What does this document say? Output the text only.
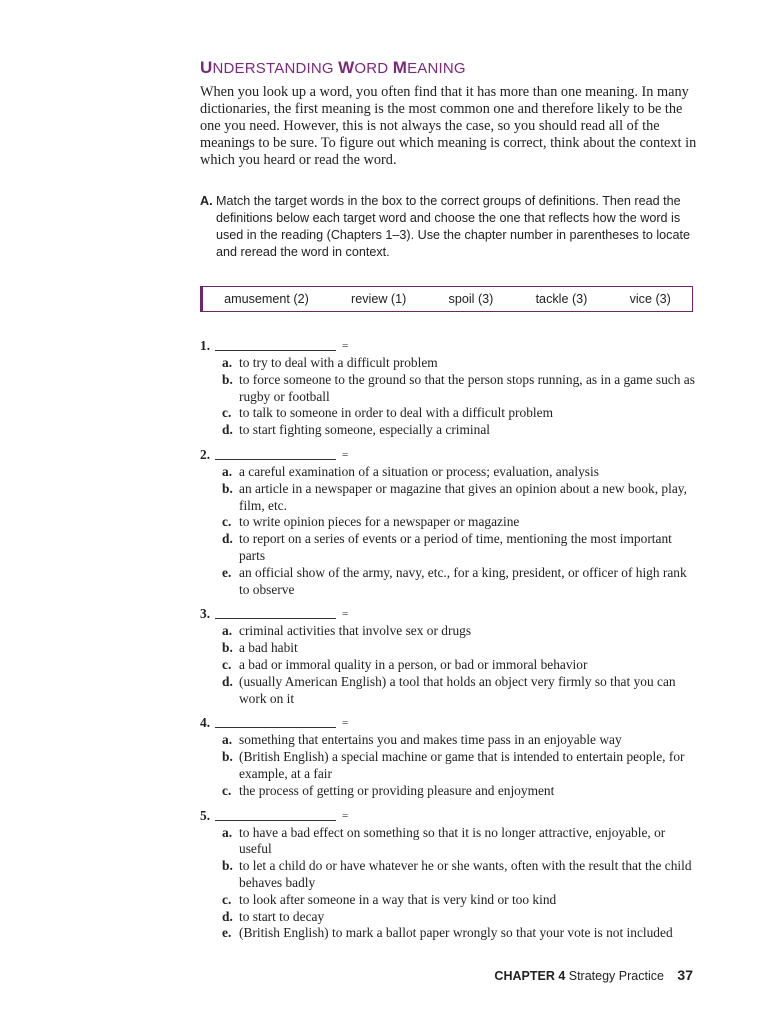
UNDERSTANDING WORD MEANING

When you look up a word, you often find that it has more than one meaning. In many dictionaries, the first meaning is the most common one and therefore likely to be the one you need. However, this is not always the case, so you should read all of the meanings to be sure. To figure out which meaning is correct, think about the context in which you heard or read the word.

A. Match the target words in the box to the correct groups of definitions. Then read the definitions below each target word and choose the one that reflects how the word is used in the reading (Chapters 1–3). Use the chapter number in parentheses to locate and reread the word in context.
amusement (2)	review (1)	spoil (3)	tackle (3)	vice (3)
1.	=
a. to try to deal with a difficult problem
b. to force someone to the ground so that the person stops running, as in a game such as rugby or football
c. to talk to someone in order to deal with a difficult problem
d. to start fighting someone, especially a criminal
2.	=
a. a careful examination of a situation or process; evaluation, analysis
b. an article in a newspaper or magazine that gives an opinion about a new book, play, film, etc.
c. to write opinion pieces for a newspaper or magazine
d. to report on a series of events or a period of time, mentioning the most important parts
e. an official show of the army, navy, etc., for a king, president, or officer of high rank to observe
3.	=
a. criminal activities that involve sex or drugs
b. a bad habit
c. a bad or immoral quality in a person, or bad or immoral behavior
d. (usually American English) a tool that holds an object very firmly so that you can work on it
4.	=
a. something that entertains you and makes time pass in an enjoyable way
b. (British English) a special machine or game that is intended to entertain people, for example, at a fair
c. the process of getting or providing pleasure and enjoyment
5.	=
a. to have a bad effect on something so that it is no longer attractive, enjoyable, or useful
b. to let a child do or have whatever he or she wants, often with the result that the child behaves badly
c. to look after someone in a way that is very kind or too kind
d. to start to decay
e. (British English) to mark a ballot paper wrongly so that your vote is not included
CHAPTER 4 Strategy Practice 37
